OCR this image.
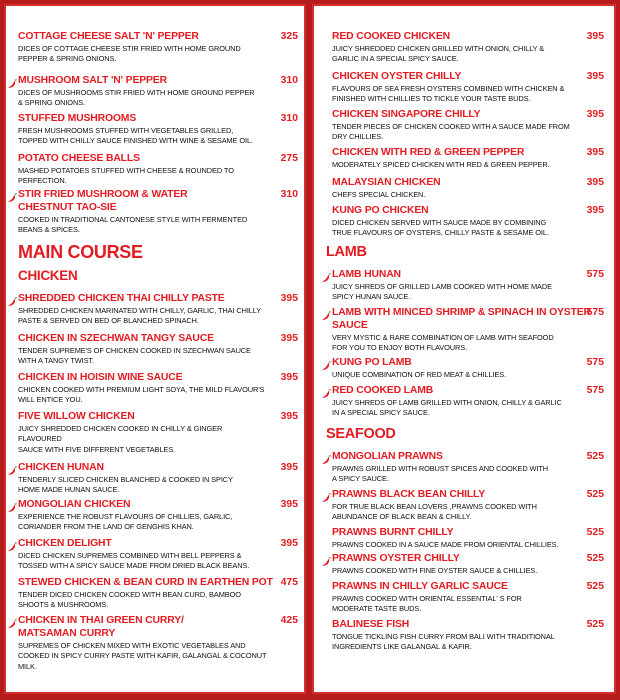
COTTAGE CHEESE SALT 'N' PEPPER	325
DICES OF COTTAGE CHEESE STIR FRIED WITH HOME GROUND
PEPPER & SPRING ONIONS.
MUSHROOM SALT 'N' PEPPER	310
DICES OF MUSHROOMS STIR FRIED WITH HOME GROUND PEPPER
& SPRING ONIONS.
STUFFED MUSHROOMS	310
FRESH MUSHROOMS STUFFED WITH VEGETABLES GRILLED,
TOPPED WITH CHILLY SAUCE FINISHED WITH WINE & SESAME OIL.
POTATO CHEESE BALLS	275
MASHED POTATOES STUFFED WITH CHEESE & ROUNDED TO
PERFECTION.
STIR FRIED MUSHROOM & WATER
CHESTNUT TAO-SIE
310
COOKED IN TRADITIONAL CANTONESE STYLE WITH FERMENTED
BEANS & SPICES.
MAIN COURSE
CHICKEN
SHREDDED CHICKEN THAI CHILLY PASTE	395
SHREDDED CHICKEN MARINATED WITH CHILLY, GARLIC, THAI CHILLY
PASTE & SERVED ON BED OF BLANCHED SPINACH.
CHICKEN IN SZECHWAN TANGY SAUCE	395
TENDER SUPREME'S OF CHICKEN COOKED IN SZECHWAN SAUCE
WITH A TANGY TWIST.
CHICKEN IN HOISIN WINE SAUCE	395
CHICKEN COOKED WITH PREMIUM LIGHT SOYA, THE MILD FLAVOUR'S
WILL ENTICE YOU.
FIVE WILLOW CHICKEN	395
JUICY SHREDDED CHICKEN COOKED IN CHILLY & GINGER
FLAVOURED
SAUCE WITH FIVE DIFFERENT VEGETABLES.
CHICKEN HUNAN	395
TENDERLY SLICED CHICKEN BLANCHED & COOKED IN SPICY
HOME MADE HUNAN SAUCE.
MONGOLIAN CHICKEN	395
EXPERIENCE THE ROBUST FLAVOURS OF CHILLIES, GARLIC,
CORIANDER FROM THE LAND OF GENGHIS KHAN.
CHICKEN DELIGHT	395
DICED CHICKEN SUPREMES COMBINED WITH BELL PEPPERS &
TOSSED WITH A SPICY SAUCE MADE FROM DRIED BLACK BEANS.
STEWED CHICKEN & BEAN CURD IN EARTHEN POT 475
TENDER DICED CHICKEN COOKED WITH BEAN CURD, BAMBOO
SHOOTS & MUSHROOMS.
CHICKEN IN THAI GREEN CURRY/
MATSAMAN CURRY
425
SUPREMES OF CHICKEN MIXED WITH EXOTIC VEGETABLES AND
COOKED IN SPICY CURRY PASTE WITH KAFIR, GALANGAL & COCONUT
MILK.
RED COOKED CHICKEN	395
JUICY SHREDDED CHICKEN GRILLED WITH ONION, CHILLY &
GARLIC IN A SPECIAL SPICY SAUCE.
CHICKEN OYSTER CHILLY	395
FLAVOURS OF SEA FRESH OYSTERS COMBINED WITH CHICKEN &
FINISHED WITH CHILLIES TO TICKLE YOUR TASTE BUDS.
CHICKEN SINGAPORE CHILLY	395
TENDER PIECES OF CHICKEN COOKED WITH A SAUCE MADE FROM
DRY CHILLIES.
CHICKEN WITH RED & GREEN PEPPER	395
MODERATELY SPICED CHICKEN WITH RED & GREEN PEPPER.
MALAYSIAN CHICKEN	395
CHEFS SPECIAL CHICKEN.
KUNG PO CHICKEN	395
DICED CHICKEN SERVED WITH SAUCE MADE BY COMBINING
TRUE FLAVOURS OF OYSTERS, CHILLY PASTE & SESAME OIL.
LAMB
LAMB HUNAN	575
JUICY SHREDS OF GRILLED LAMB COOKED WITH HOME MADE
SPICY HUNAN SAUCE.
LAMB WITH MINCED SHRIMP & SPINACH IN OYSTER
SAUCE
575
VERY MYSTIC & RARE COMBINATION OF LAMB WITH SEAFOOD
FOR YOU TO ENJOY BOTH FLAVOURS.
KUNG PO LAMB	575
UNIQUE COMBINATION OF RED MEAT & CHILLIES.
RED COOKED LAMB	575
JUICY SHREDS OF LAMB GRILLED WITH ONION, CHILLY & GARLIC
IN A SPECIAL SPICY SAUCE.
SEAFOOD
MONGOLIAN PRAWNS	525
PRAWNS GRILLED WITH ROBUST SPICES AND COOKED WITH
A SPICY SAUCE.
PRAWNS BLACK BEAN CHILLY	525
FOR TRUE BLACK BEAN LOVERS ,PRAWNS COOKED WITH
ABUNDANCE OF BLACK BEAN & CHILLY.
PRAWNS BURNT CHILLY	525
PRAWNS COOKED IN A SAUCE MADE FROM ORIENTAL CHILLIES.
PRAWNS OYSTER CHILLY	525
PRAWNS COOKED WITH FINE OYSTER SAUCE & CHILLIES.
PRAWNS IN CHILLY GARLIC SAUCE	525
PRAWNS COOKED WITH ORIENTAL ESSENTIAL' S FOR
MODERATE TASTE BUDS.
BALINESE FISH	525
TONGUE TICKLING FISH CURRY FROM BALI WITH TRADITIONAL
INGREDIENTS LIKE GALANGAL & KAFIR.
